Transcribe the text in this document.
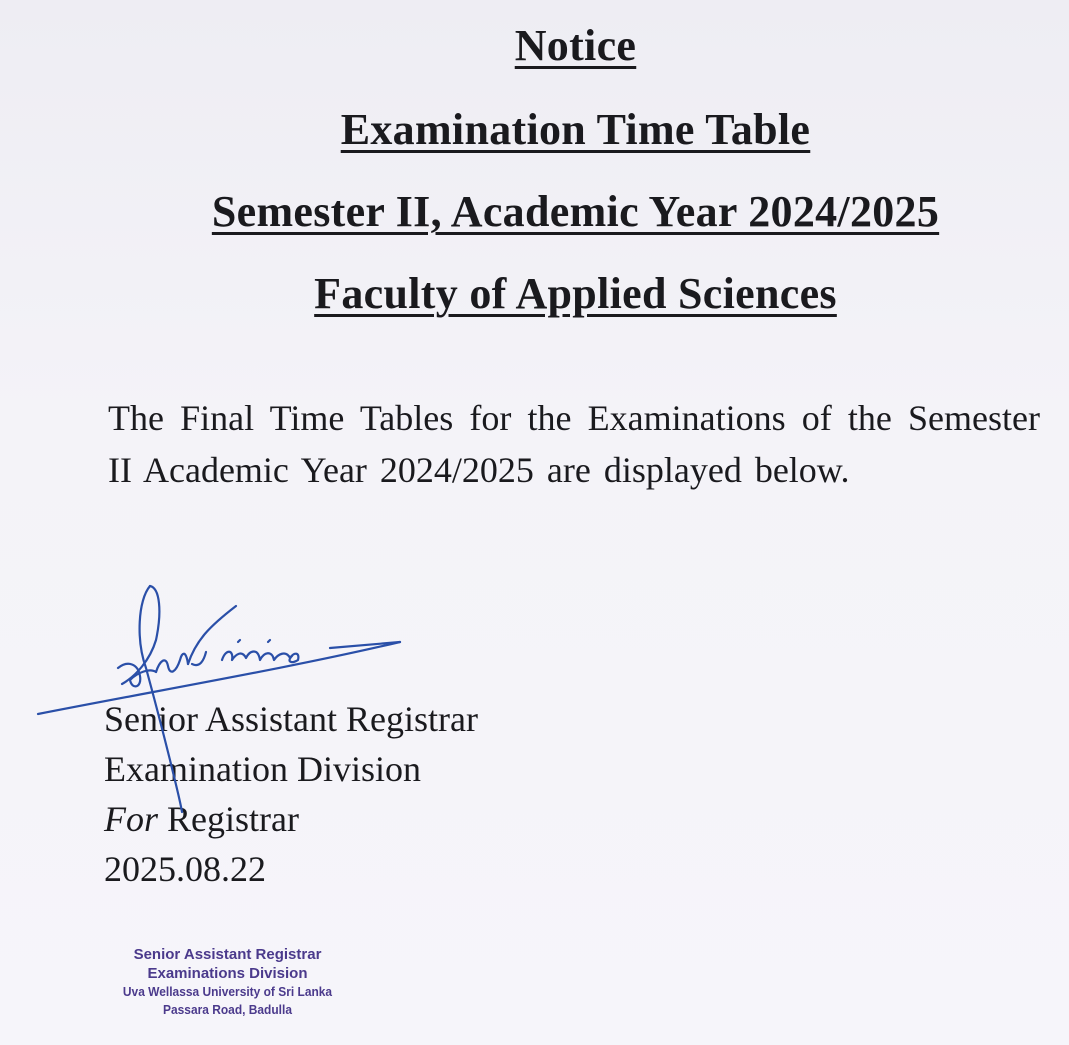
Notice
Examination Time Table
Semester II, Academic Year 2024/2025
Faculty of Applied Sciences

The Final Time Tables for the Examinations of the Semester II Academic Year 2024/2025 are displayed below.

Senior Assistant Registrar
Examination Division
For Registrar
2025.08.22
Senior Assistant Registrar
Examinations Division
Uva Wellassa University of Sri Lanka
Passara Road, Badulla
